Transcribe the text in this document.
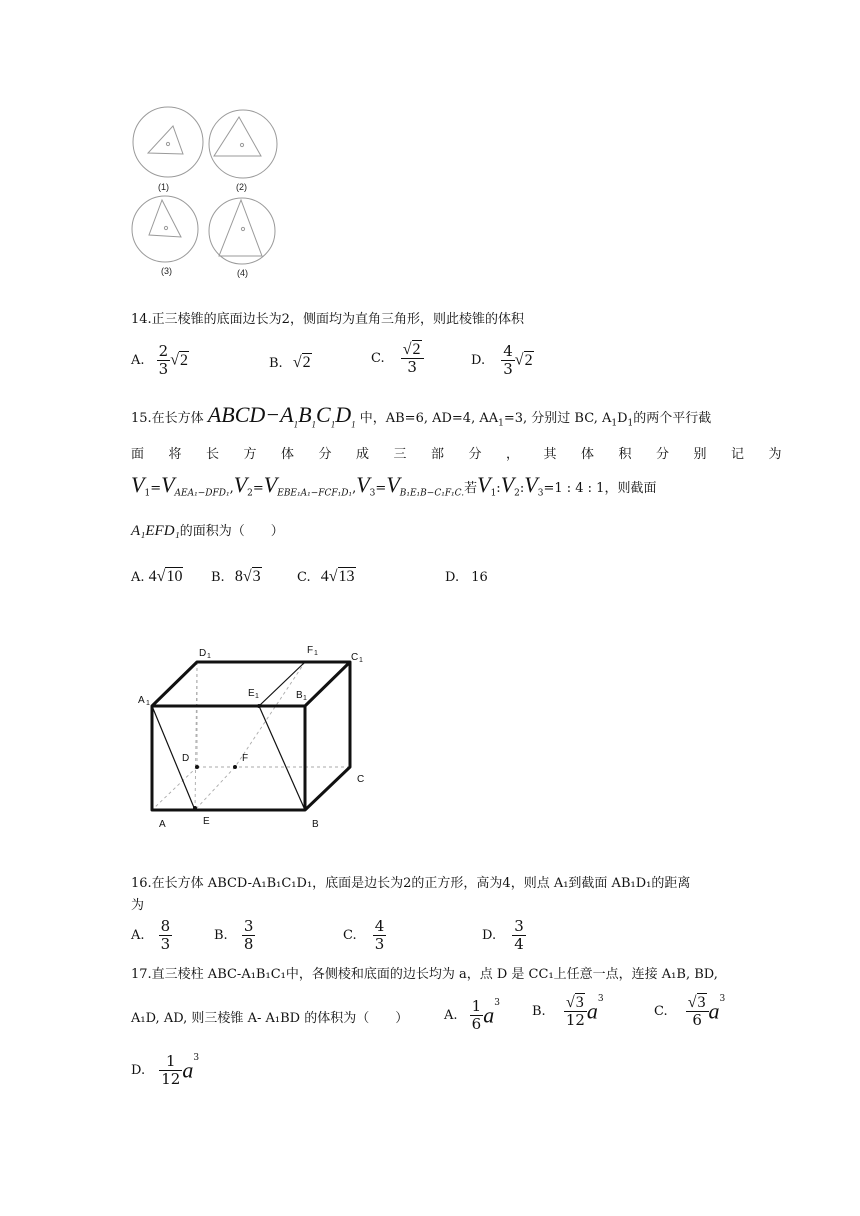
(1)	(2)
(3)	(4)
14.正三棱锥的底面边长为2，侧面均为直角三角形，则此棱锥的体积
A. $\frac{2}{3} √2$	B. √2	C. $\frac{√2}{3}$	D. $\frac{4}{3} √2$
15.在长方体 $ABCD-A_1B_1C_1D_1$ 中，AB=6, AD=4, $AA_1=3$, 分别过 BC, $A_1D_1$的两个平行截
面将长方体分成三部分，其体积分别记为
$V_1=V_{AEA_1-DFD_1},V_2=V_{EBE_1A_1-FCF_1D_1},V_3=V_{B_1E_1B-C_1F_1C.}$若$V_1:V_2:V_3=1$ : 4 : 1，则截面
A₁EFD₁的面积为（　　）
A. 4√10 B. 8√3	C. 4√13	D. 16
D 1
F 1	C 1
A 1
E 1	B 1
D	F
C
A	E	B
16.在长方体 ABCD-A₁B₁C₁D₁，底面是边长为2的正方形，高为4，则点 A₁到截面 AB₁D₁的距离
为
A. $\frac{8}{3}$	B. $\frac{3}{8}$	C. $\frac{4}{3}$	D. $\frac{3}{4}$
17.直三棱柱 ABC-A₁B₁C₁中，各侧棱和底面的边长均为 a，点 D 是 CC₁上任意一点，连接 A₁B, BD,
A₁D, AD, 则三棱锥 A- A₁BD 的体积为（　　）	A. $\frac{1}{6} a^3$
B. $\frac{√3}{12} a^3$
C. $\frac{√3}{6} a^3$
D. $\frac{1}{12} a^3$
